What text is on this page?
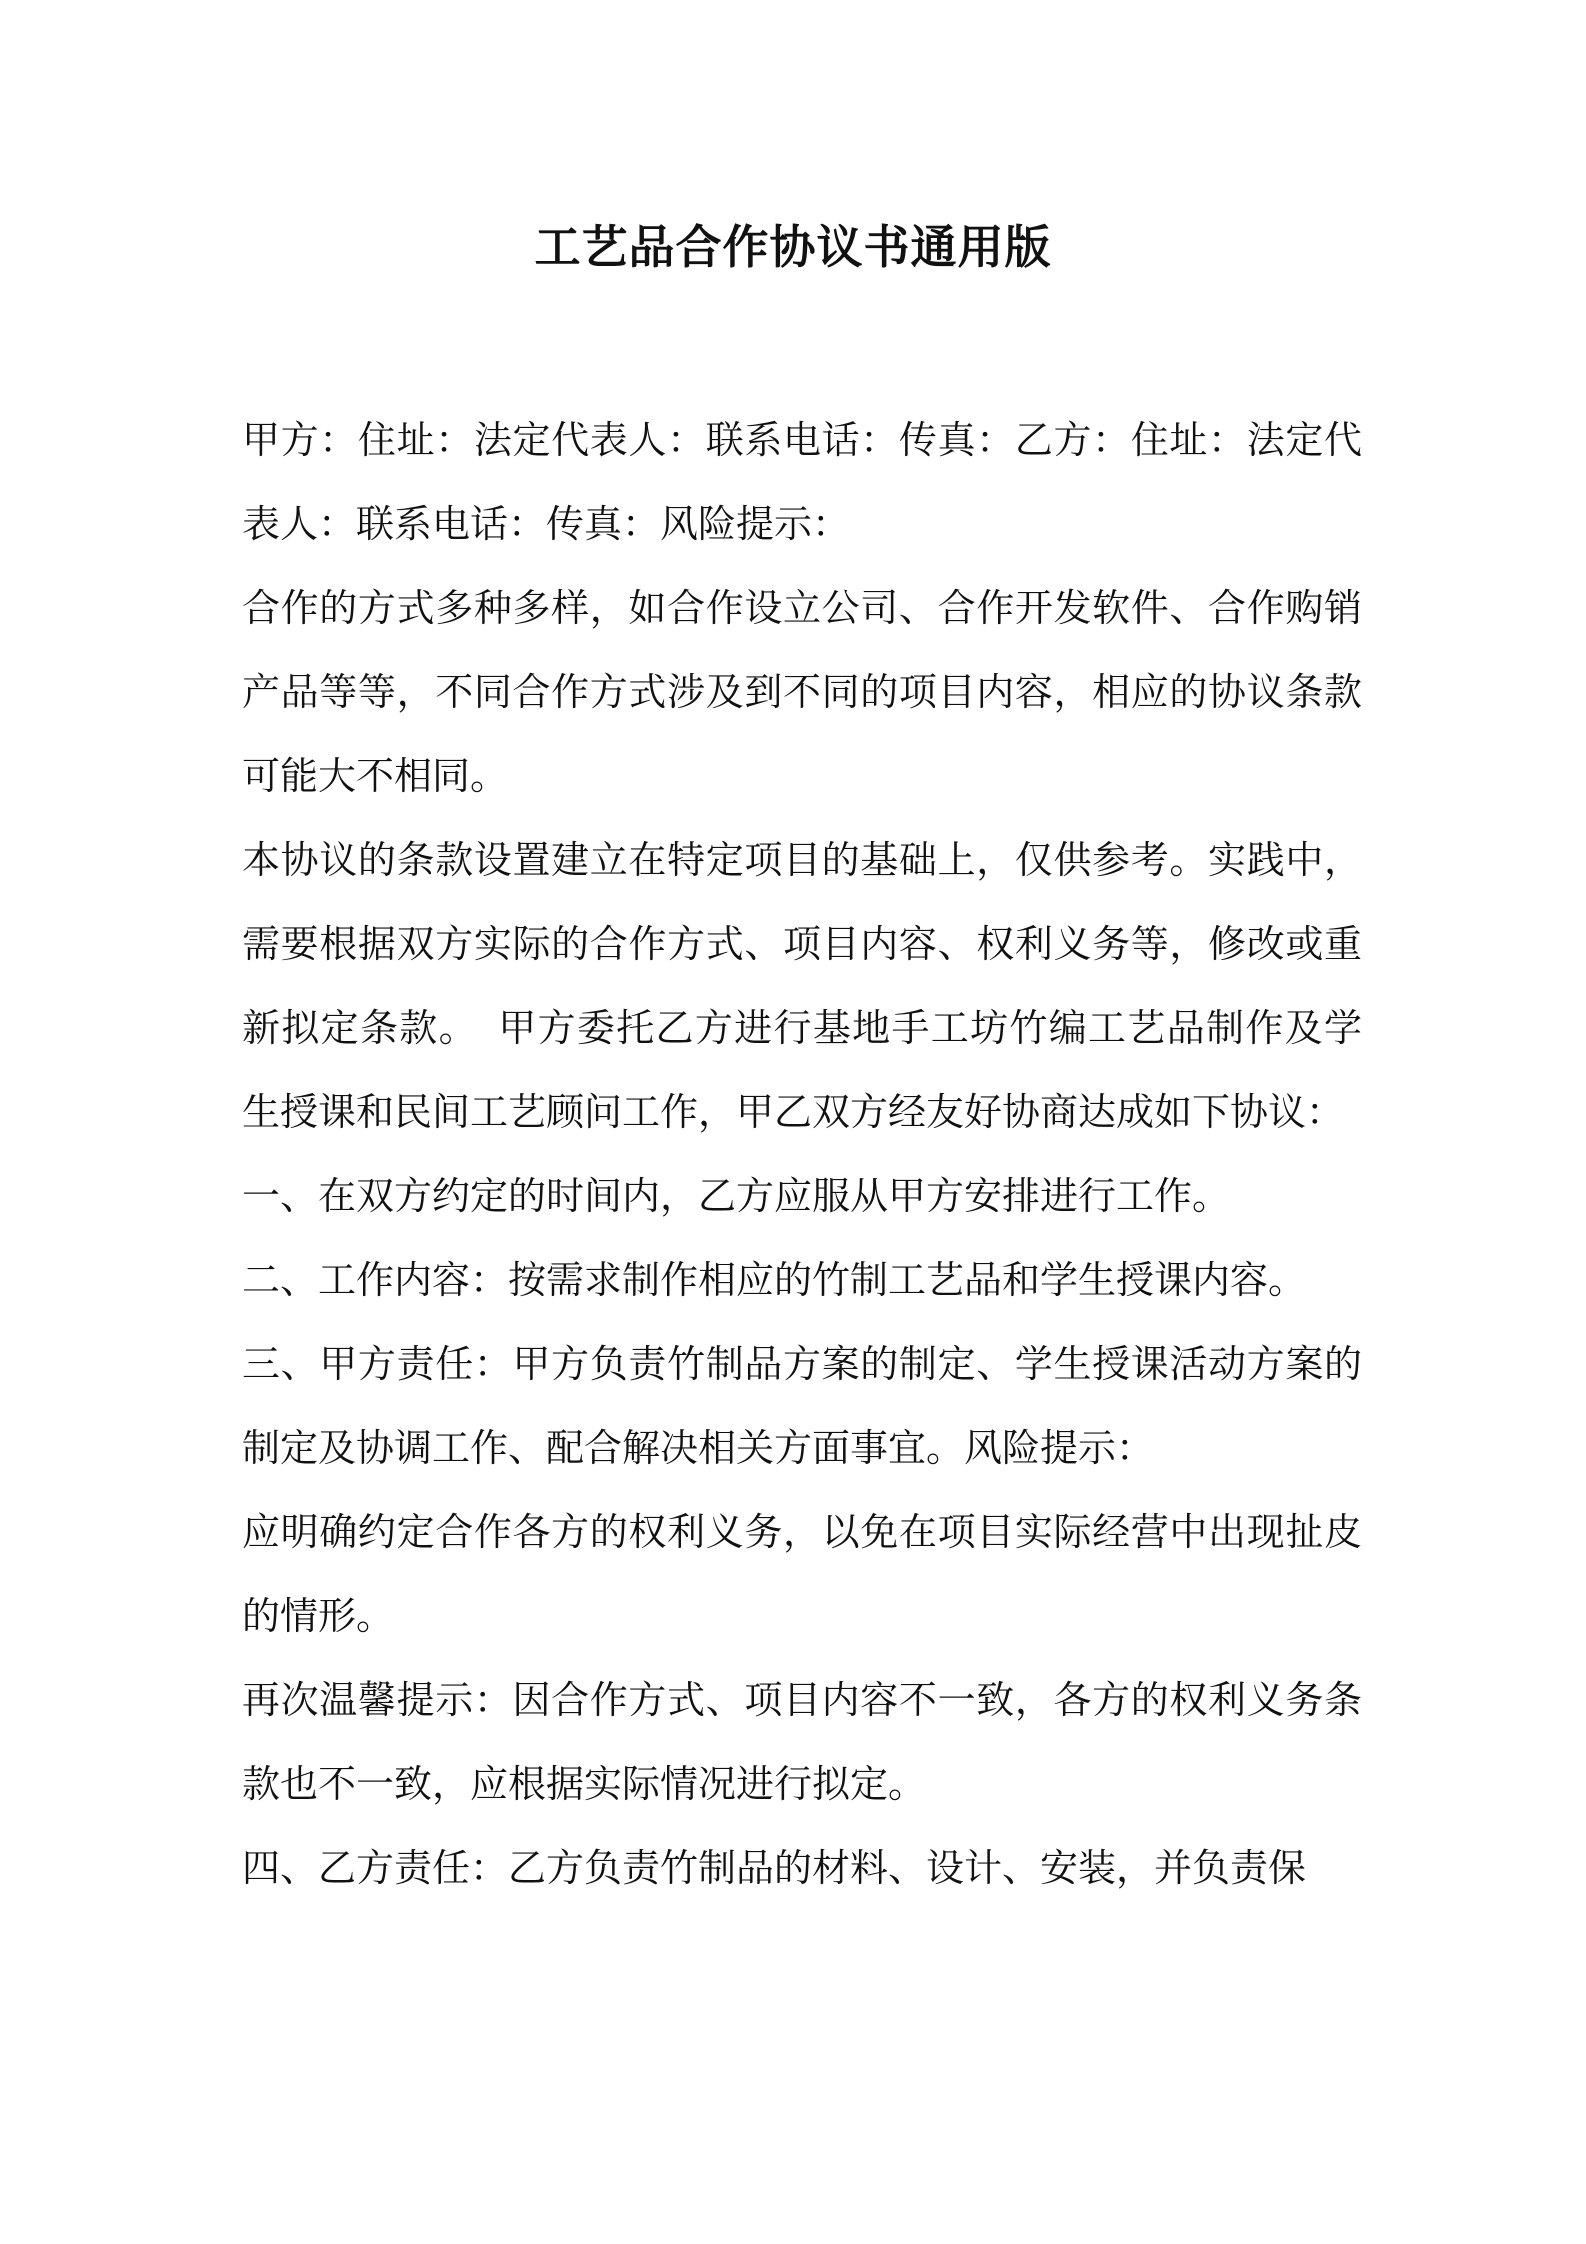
工艺品合作协议书通用版

甲方：住址：法定代表人：联系电话：传真：乙方：住址：法定代表人：联系电话：传真：风险提示：

合作的方式多种多样，如合作设立公司、合作开发软件、合作购销产品等等，不同合作方式涉及到不同的项目内容，相应的协议条款可能大不相同。

本协议的条款设置建立在特定项目的基础上，仅供参考。实践中，需要根据双方实际的合作方式、项目内容、权利义务等，修改或重新拟定条款。　甲方委托乙方进行基地手工坊竹编工艺品制作及学生授课和民间工艺顾问工作，甲乙双方经友好协商达成如下协议：

一、在双方约定的时间内，乙方应服从甲方安排进行工作。

二、工作内容：按需求制作相应的竹制工艺品和学生授课内容。

三、甲方责任：甲方负责竹制品方案的制定、学生授课活动方案的制定及协调工作、配合解决相关方面事宜。风险提示：

应明确约定合作各方的权利义务，以免在项目实际经营中出现扯皮的情形。

再次温馨提示：因合作方式、项目内容不一致，各方的权利义务条款也不一致，应根据实际情况进行拟定。

四、乙方责任：乙方负责竹制品的材料、设计、安装，并负责保
